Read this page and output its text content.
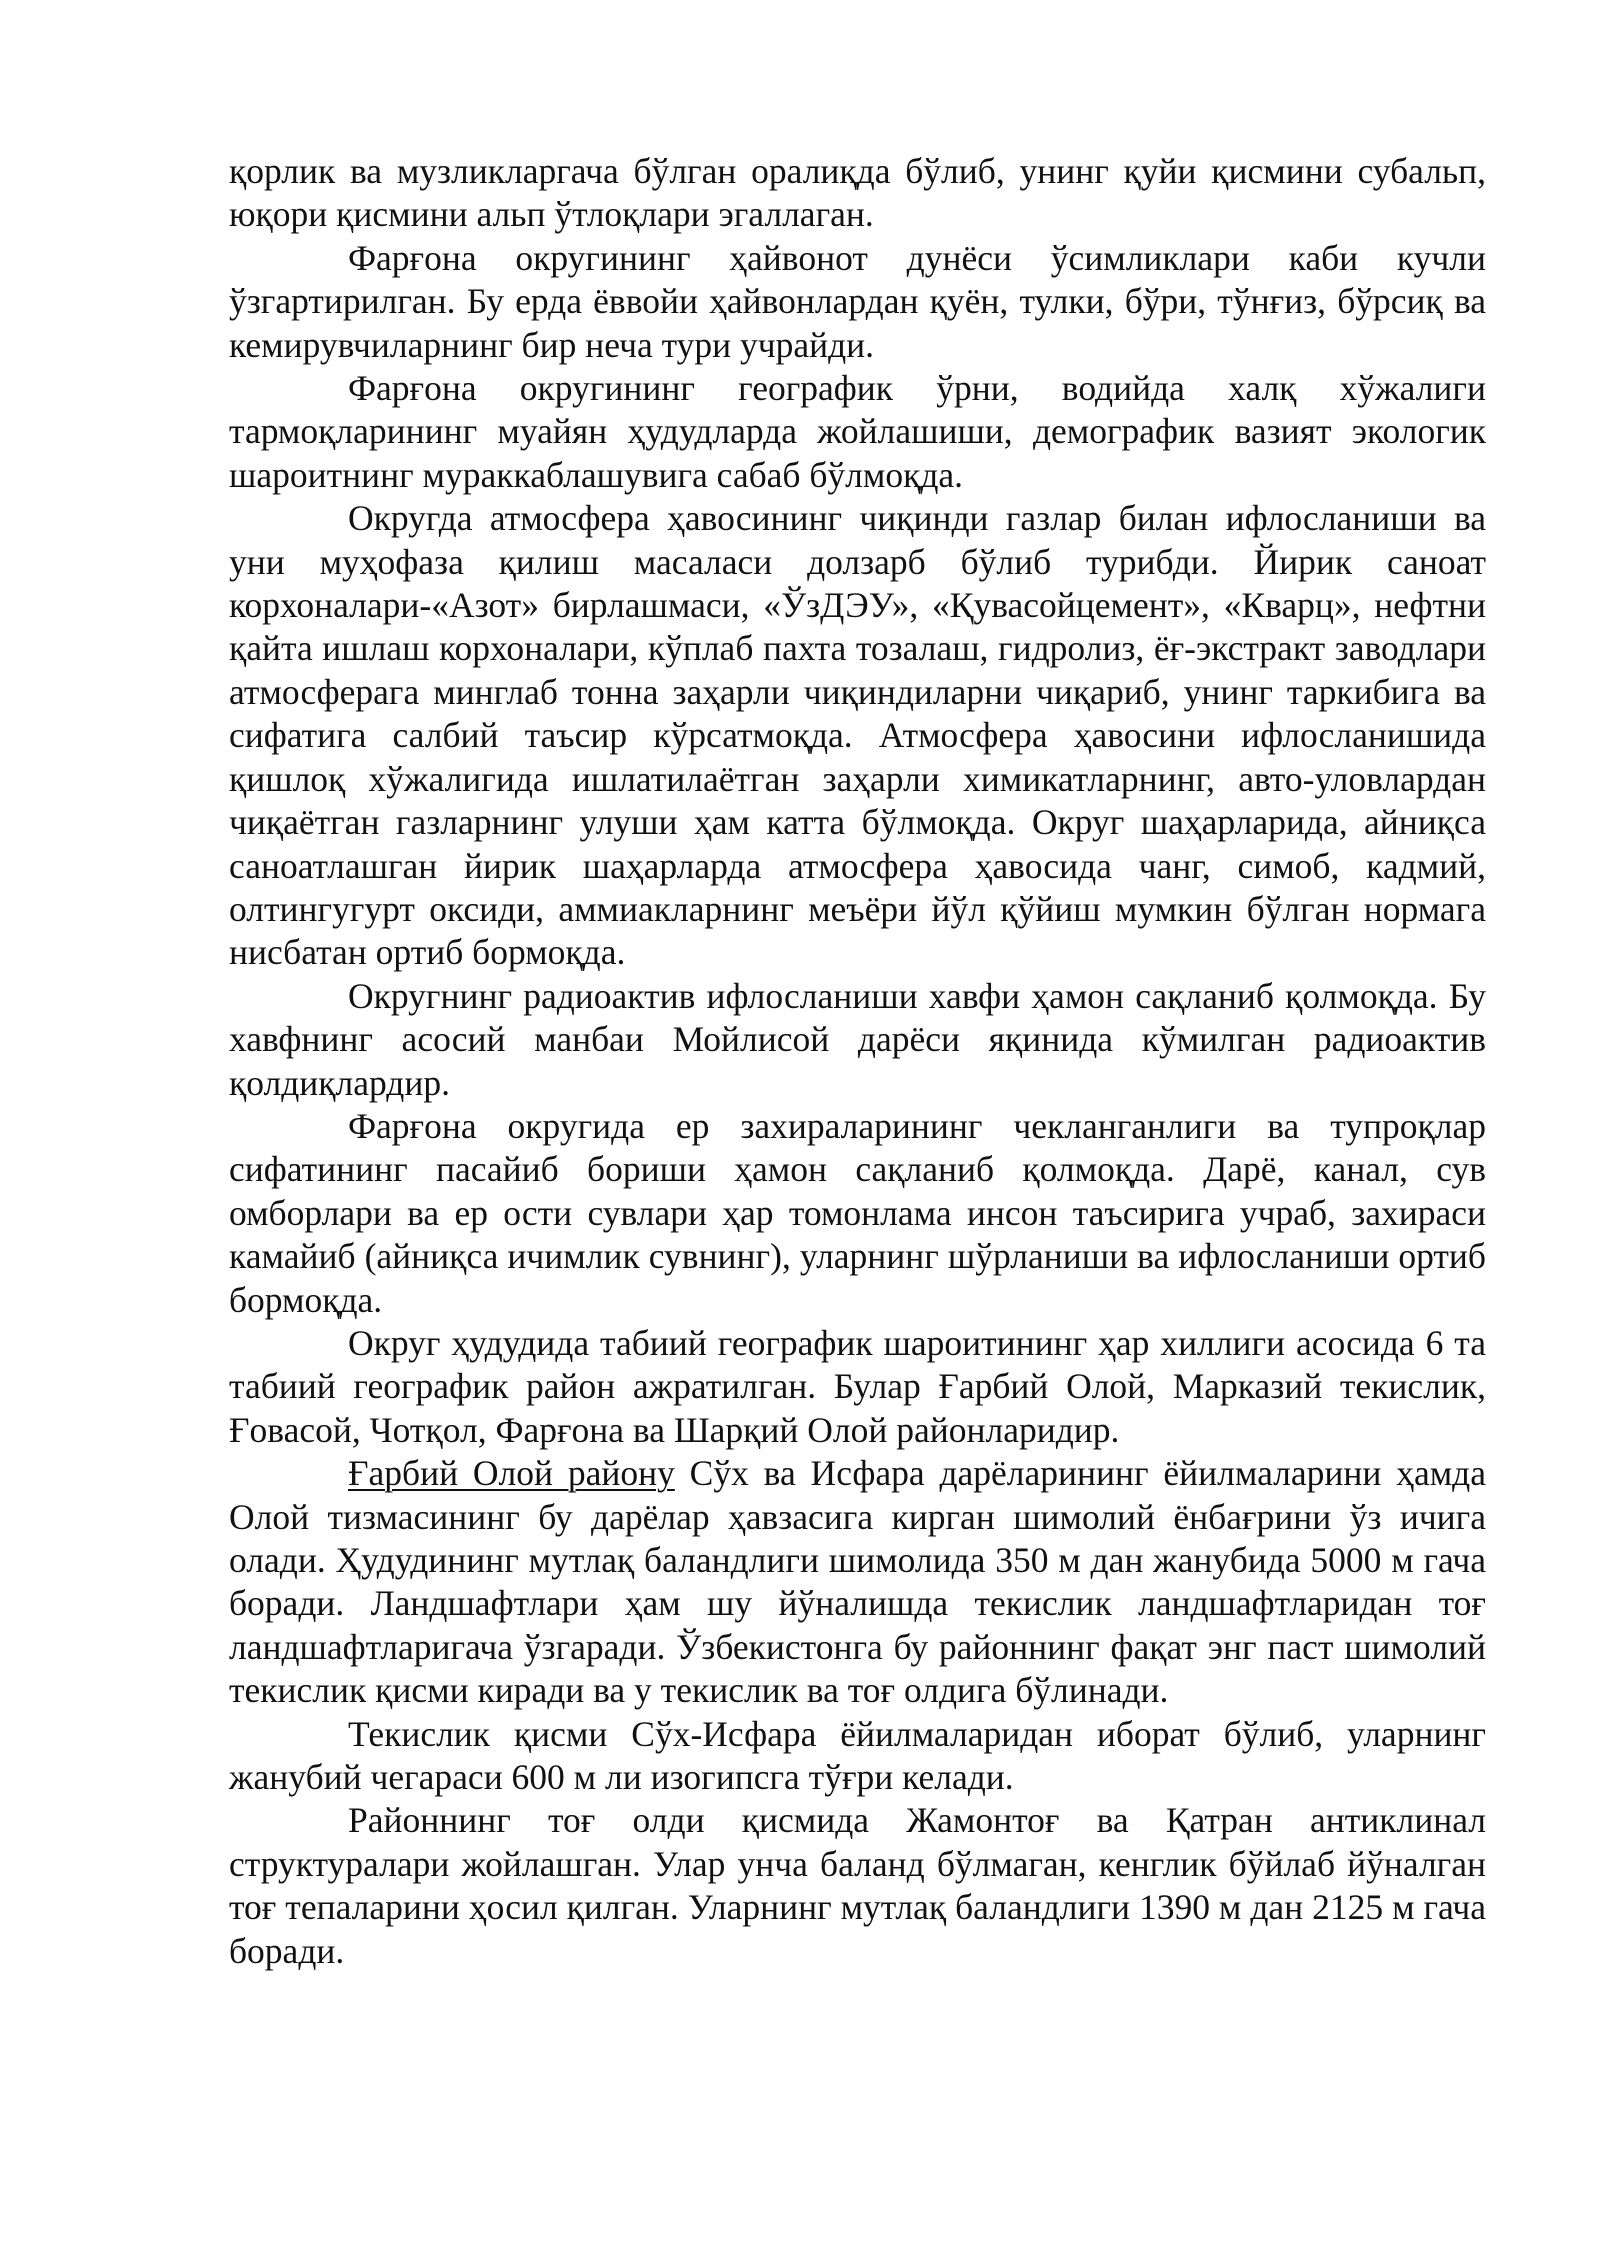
қорлик ва музликларгача бўлган оралиқда бўлиб, унинг қуйи қисмини субальп, юқори қисмини альп ўтлоқлари эгаллаган.

Фарғона округининг ҳайвонот дунёси ўсимликлари каби кучли ўзгартирилган. Бу ерда ёввойи ҳайвонлардан қуён, тулки, бўри, тўнғиз, бўрсиқ ва кемирувчиларнинг бир неча тури учрайди.

Фарғона округининг географик ўрни, водийда халқ хўжалиги тармоқларининг муайян ҳудудларда жойлашиши, демографик вазият экологик шароитнинг мураккаблашувига сабаб бўлмоқда.

Округда атмосфера ҳавосининг чиқинди газлар билан ифлосланиши ва уни муҳофаза қилиш масаласи долзарб бўлиб турибди. Йирик саноат корхоналари-«Азот» бирлашмаси, «ЎзДЭУ», «Қувасойцемент», «Кварц», нефтни қайта ишлаш корхоналари, кўплаб пахта тозалаш, гидролиз, ёғ-экстракт заводлари атмосферага минглаб тонна заҳарли чиқиндиларни чиқариб, унинг таркибига ва сифатига салбий таъсир кўрсатмоқда. Атмосфера ҳавосини ифлосланишида қишлоқ хўжалигида ишлатилаётган заҳарли химикатларнинг, авто-уловлардан чиқаётган газларнинг улуши ҳам катта бўлмоқда. Округ шаҳарларида, айниқса саноатлашган йирик шаҳарларда атмосфера ҳавосида чанг, симоб, кадмий, олтингугурт оксиди, аммиакларнинг меъёри йўл қўйиш мумкин бўлган нормага нисбатан ортиб бормоқда.

Округнинг радиоактив ифлосланиши хавфи ҳамон сақланиб қолмоқда. Бу хавфнинг асосий манбаи Мойлисой дарёси яқинида кўмилган радиоактив қолдиқлардир.

Фарғона округида ер захираларининг чекланганлиги ва тупроқлар сифатининг пасайиб бориши ҳамон сақланиб қолмоқда. Дарё, канал, сув омборлари ва ер ости сувлари ҳар томонлама инсон таъсирига учраб, захираси камайиб (айниқса ичимлик сувнинг), уларнинг шўрланиши ва ифлосланиши ортиб бормоқда.

Округ ҳудудида табиий географик шароитининг ҳар хиллиги асосида 6 та табиий географик район ажратилган. Булар Ғарбий Олой, Марказий текислик, Ғовасой, Чотқол, Фарғона ва Шарқий Олой районларидир.

Ғарбий Олой району Сўх ва Исфара дарёларининг ёйилмаларини ҳамда Олой тизмасининг бу дарёлар ҳавзасига кирган шимолий ёнбағрини ўз ичига олади. Ҳудудининг мутлақ баландлиги шимолида 350 м дан жанубида 5000 м гача боради. Ландшафтлари ҳам шу йўналишда текислик ландшафтларидан тоғ ландшафтларигача ўзгаради. Ўзбекистонга бу районнинг фақат энг паст шимолий текислик қисми киради ва у текислик ва тоғ олдига бўлинади.

Текислик қисми Сўх-Исфара ёйилмаларидан иборат бўлиб, уларнинг жанубий чегараси 600 м ли изогипсга тўғри келади.

Районнинг тоғ олди қисмида Жамонтоғ ва Қатран антиклинал структуралари жойлашган. Улар унча баланд бўлмаган, кенглик бўйлаб йўналган тоғ тепаларини ҳосил қилган. Уларнинг мутлақ баландлиги 1390 м дан 2125 м гача боради.
